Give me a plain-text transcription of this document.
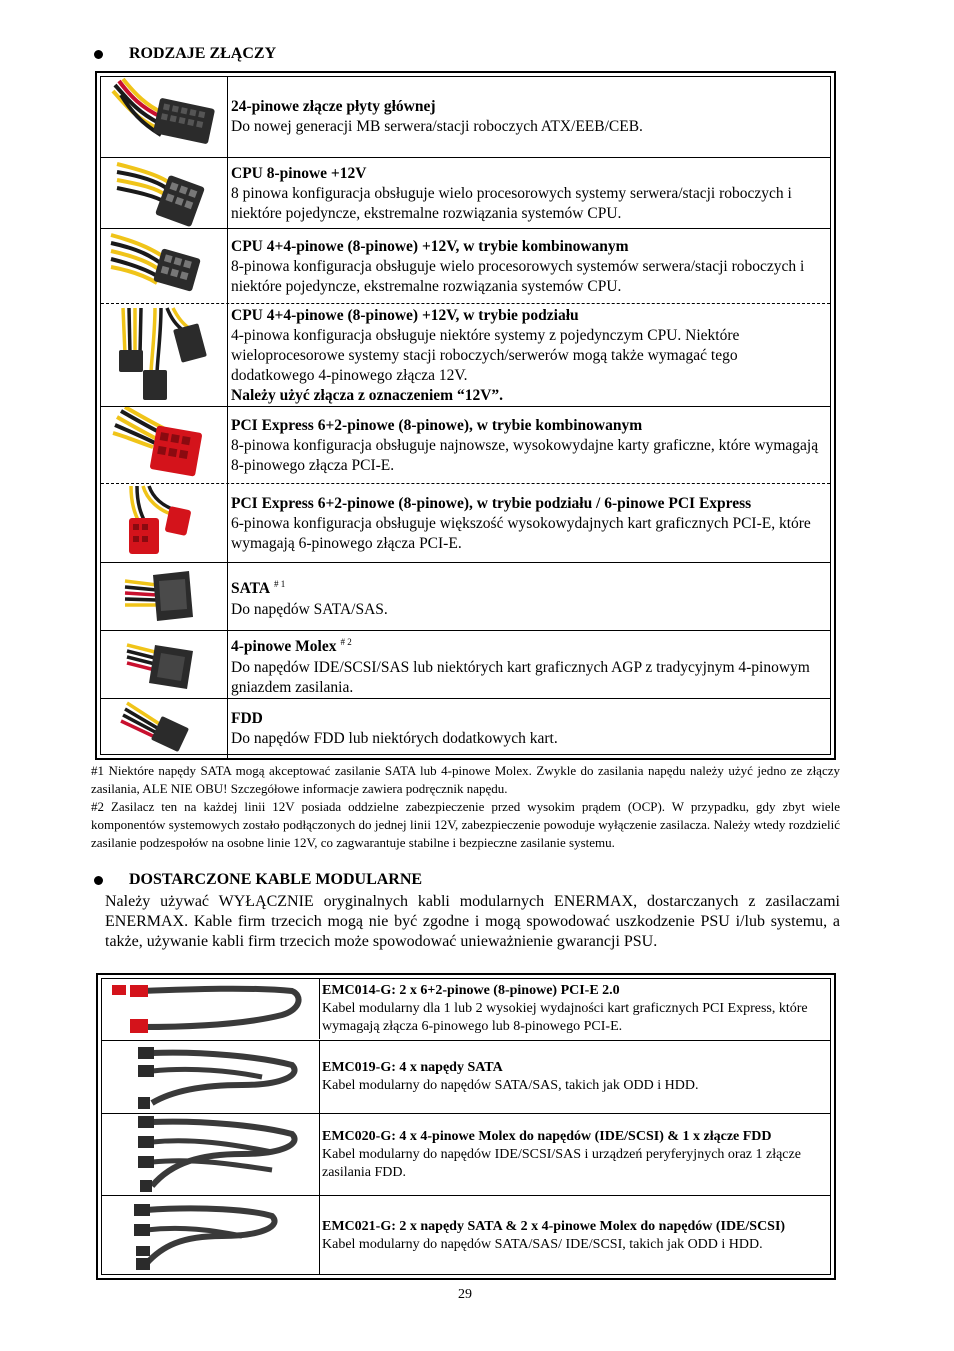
RODZAJE ZŁĄCZY
24-pinowe złącze płyty głównej
Do nowej generacji MB serwera/stacji roboczych ATX/EEB/CEB.
CPU 8-pinowe +12V
8 pinowa konfiguracja obsługuje wielo procesorowych systemy serwera/stacji roboczych i niektóre pojedyncze, ekstremalne rozwiązania systemów CPU.
CPU 4+4-pinowe (8-pinowe) +12V, w trybie kombinowanym
8-pinowa konfiguracja obsługuje wielo procesorowych systemów serwera/stacji roboczych i niektóre pojedyncze, ekstremalne rozwiązania systemów CPU.
CPU 4+4-pinowe (8-pinowe) +12V, w trybie podziału
4-pinowa konfiguracja obsługuje niektóre systemy z pojedynczym CPU. Niektóre wieloprocesorowe systemy stacji roboczych/serwerów mogą także wymagać tego dodatkowego 4-pinowego złącza 12V.
Należy użyć złącza z oznaczeniem “12V”.
PCI Express 6+2-pinowe (8-pinowe), w trybie kombinowanym
8-pinowa konfiguracja obsługuje najnowsze, wysokowydajne karty graficzne, które wymagają 8-pinowego złącza PCI-E.
PCI Express 6+2-pinowe (8-pinowe), w trybie podziału / 6-pinowe PCI Express
6-pinowa konfiguracja obsługuje większość wysokowydajnych kart graficznych PCI-E, które wymagają 6-pinowego złącza PCI-E.
SATA $^{\# 1}$
Do napędów SATA/SAS.
4-pinowe Molex $^{\# 2}$
Do napędów IDE/SCSI/SAS lub niektórych kart graficznych AGP z tradycyjnym 4-pinowym gniazdem zasilania.
FDD
Do napędów FDD lub niektórych dodatkowych kart.
#1 Niektóre napędy SATA mogą akceptować zasilanie SATA lub 4-pinowe Molex. Zwykle do zasilania napędu należy użyć jedno ze złączy zasilania, ALE NIE OBU! Szczegółowe informacje zawiera podręcznik napędu.
#2 Zasilacz ten na każdej linii 12V posiada oddzielne zabezpieczenie przed wysokim prądem (OCP). W przypadku, gdy zbyt wiele komponentów systemowych zostało podłączonych do jednej linii 12V, zabezpieczenie powoduje wyłączenie zasilacza. Należy wtedy rozdzielić zasilanie podzespołów na osobne linie 12V, co zagwarantuje stabilne i bezpieczne zasilanie systemu.
DOSTARCZONE KABLE MODULARNE
Należy używać WYŁĄCZNIE oryginalnych kabli modularnych ENERMAX, dostarczanych z zasilaczami ENERMAX. Kable firm trzecich mogą nie być zgodne i mogą spowodować uszkodzenie PSU i/lub systemu, a także, używanie kabli firm trzecich może spowodować unieważnienie gwarancji PSU.
EMC014-G: 2 x 6+2-pinowe (8-pinowe) PCI-E 2.0
Kabel modularny dla 1 lub 2 wysokiej wydajności kart graficznych PCI Express, które wymagają złącza 6-pinowego lub 8-pinowego PCI-E.
EMC019-G: 4 x napędy SATA
Kabel modularny do napędów SATA/SAS, takich jak ODD i HDD.
EMC020-G: 4 x 4-pinowe Molex do napędów (IDE/SCSI) & 1 x złącze FDD
Kabel modularny do napędów IDE/SCSI/SAS i urządzeń peryferyjnych oraz 1 złącze zasilania FDD.
EMC021-G: 2 x napędy SATA & 2 x 4-pinowe Molex do napędów (IDE/SCSI)
Kabel modularny do napędów SATA/SAS/ IDE/SCSI, takich jak ODD i HDD.
29
